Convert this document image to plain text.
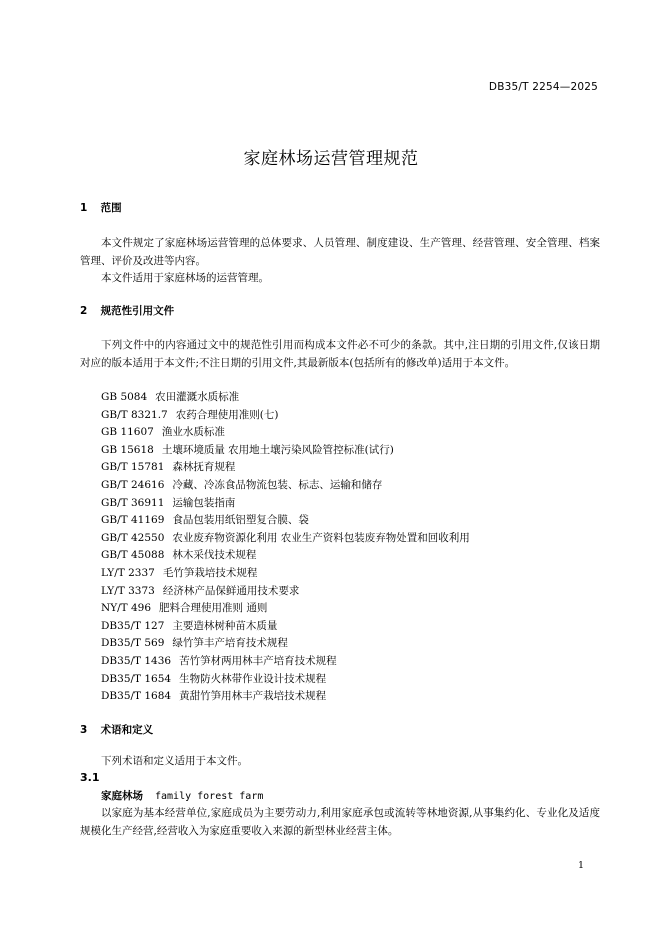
DB35/T 2254—2025
家庭林场运营管理规范
1 范围
本文件规定了家庭林场运营管理的总体要求、人员管理、制度建设、生产管理、经营管理、安全管理、档案管理、评价及改进等内容。
本文件适用于家庭林场的运营管理。
2 规范性引用文件
下列文件中的内容通过文中的规范性引用而构成本文件必不可少的条款。其中,注日期的引用文件,仅该日期对应的版本适用于本文件;不注日期的引用文件,其最新版本(包括所有的修改单)适用于本文件。
GB 5084 农田灌溉水质标准
GB/T 8321.7 农药合理使用准则(七)
GB 11607 渔业水质标准
GB 15618 土壤环境质量 农用地土壤污染风险管控标准(试行)
GB/T 15781 森林抚育规程
GB/T 24616 冷藏、冷冻食品物流包装、标志、运输和储存
GB/T 36911 运输包装指南
GB/T 41169 食品包装用纸铝塑复合膜、袋
GB/T 42550 农业废弃物资源化利用 农业生产资料包装废弃物处置和回收利用
GB/T 45088 林木采伐技术规程
LY/T 2337 毛竹笋栽培技术规程
LY/T 3373 经济林产品保鲜通用技术要求
NY/T 496 肥料合理使用准则 通则
DB35/T 127 主要造林树种苗木质量
DB35/T 569 绿竹笋丰产培育技术规程
DB35/T 1436 苦竹笋材两用林丰产培育技术规程
DB35/T 1654 生物防火林带作业设计技术规程
DB35/T 1684 黄甜竹笋用林丰产栽培技术规程
3 术语和定义
下列术语和定义适用于本文件。
3.1
家庭林场 family forest farm
以家庭为基本经营单位,家庭成员为主要劳动力,利用家庭承包或流转等林地资源,从事集约化、专业化及适度规模化生产经营,经营收入为家庭重要收入来源的新型林业经营主体。
1
